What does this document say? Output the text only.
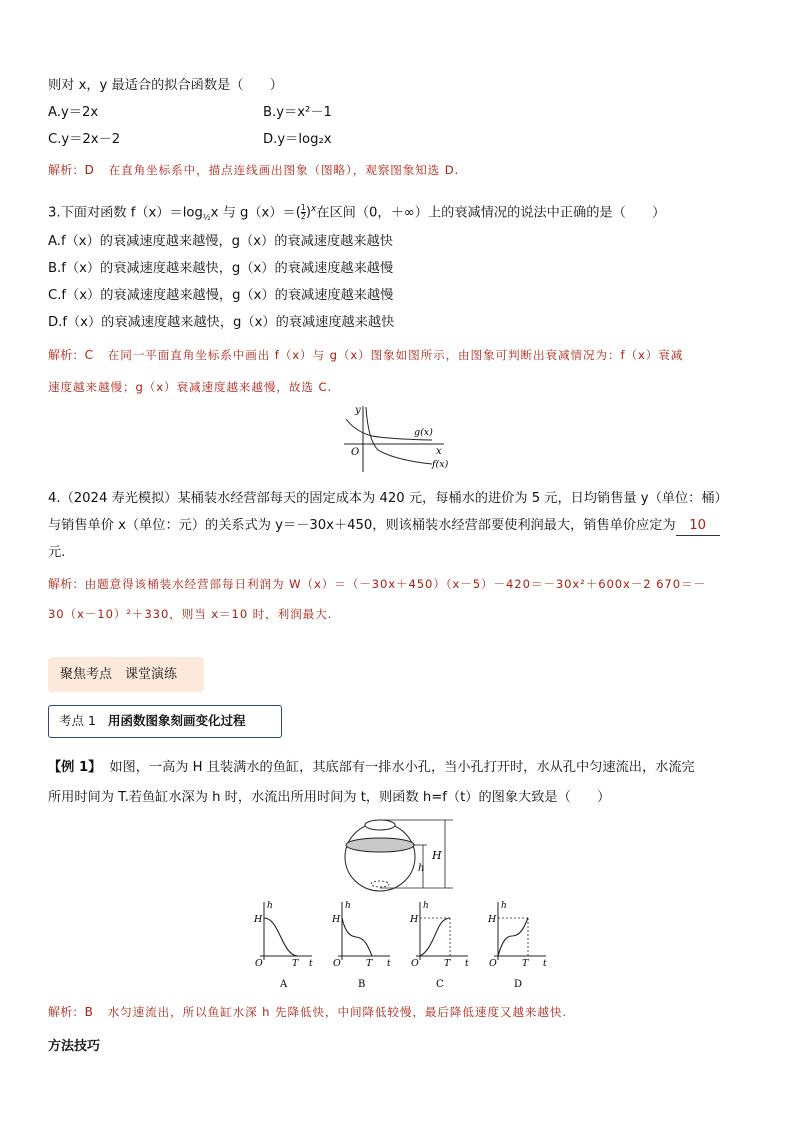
则对 x，y 最适合的拟合函数是（　　）
A.y＝2x	B.y＝x²－1
C.y＝2x－2	D.y＝log₂x
解析：D 在直角坐标系中，描点连线画出图象（图略），观察图象知选 D.
3.下面对函数 $f(x)=\log_{\frac{1}{2}}x$ 与 $g(x)=( \frac{1}{2} )^x$在区间（0，＋∞）上的衰减情况的说法中正确的是（　　）
A.f（x）的衰减速度越来越慢，g（x）的衰减速度越来越快
B.f（x）的衰减速度越来越快，g（x）的衰减速度越来越慢
C.f（x）的衰减速度越来越慢，g（x）的衰减速度越来越慢
D.f（x）的衰减速度越来越快，g（x）的衰减速度越来越快
解析：C 在同一平面直角坐标系中画出 f（x）与 g（x）图象如图所示，由图象可判断出衰减情况为：f（x）衰减
速度越来越慢；g（x）衰减速度越来越慢，故选 C.
y
x
O
g(x)
f(x)
4.（2024 寿光模拟）某桶装水经营部每天的固定成本为 420 元，每桶水的进价为 5 元，日均销售量 y（单位：桶）
与销售单价 x（单位：元）的关系式为 y＝－30x＋450，则该桶装水经营部要使利润最大，销售单价应定为 10
元.
解析：由题意得该桶装水经营部每日利润为 W（x）＝（－30x＋450）（x－5）－420＝－30x²＋600x－2 670＝－
30（x－10）²＋330，则当 x＝10 时，利润最大.
聚焦考点　课堂演练
考点 1 用函数图象刻画变化过程
【例 1】 如图，一高为 H 且装满水的鱼缸，其底部有一排水小孔，当小孔打开时，水从孔中匀速流出，水流完
所用时间为 T.若鱼缸水深为 h 时，水流出所用时间为 t，则函数 h=f（t）的图象大致是（　　）
H
h
h
H
O	T t
A
h
H
O	T t
B
h
H
O	T t
C
h
H
O	T t
D
解析：B 水匀速流出，所以鱼缸水深 h 先降低快，中间降低较慢，最后降低速度又越来越快.
方法技巧
